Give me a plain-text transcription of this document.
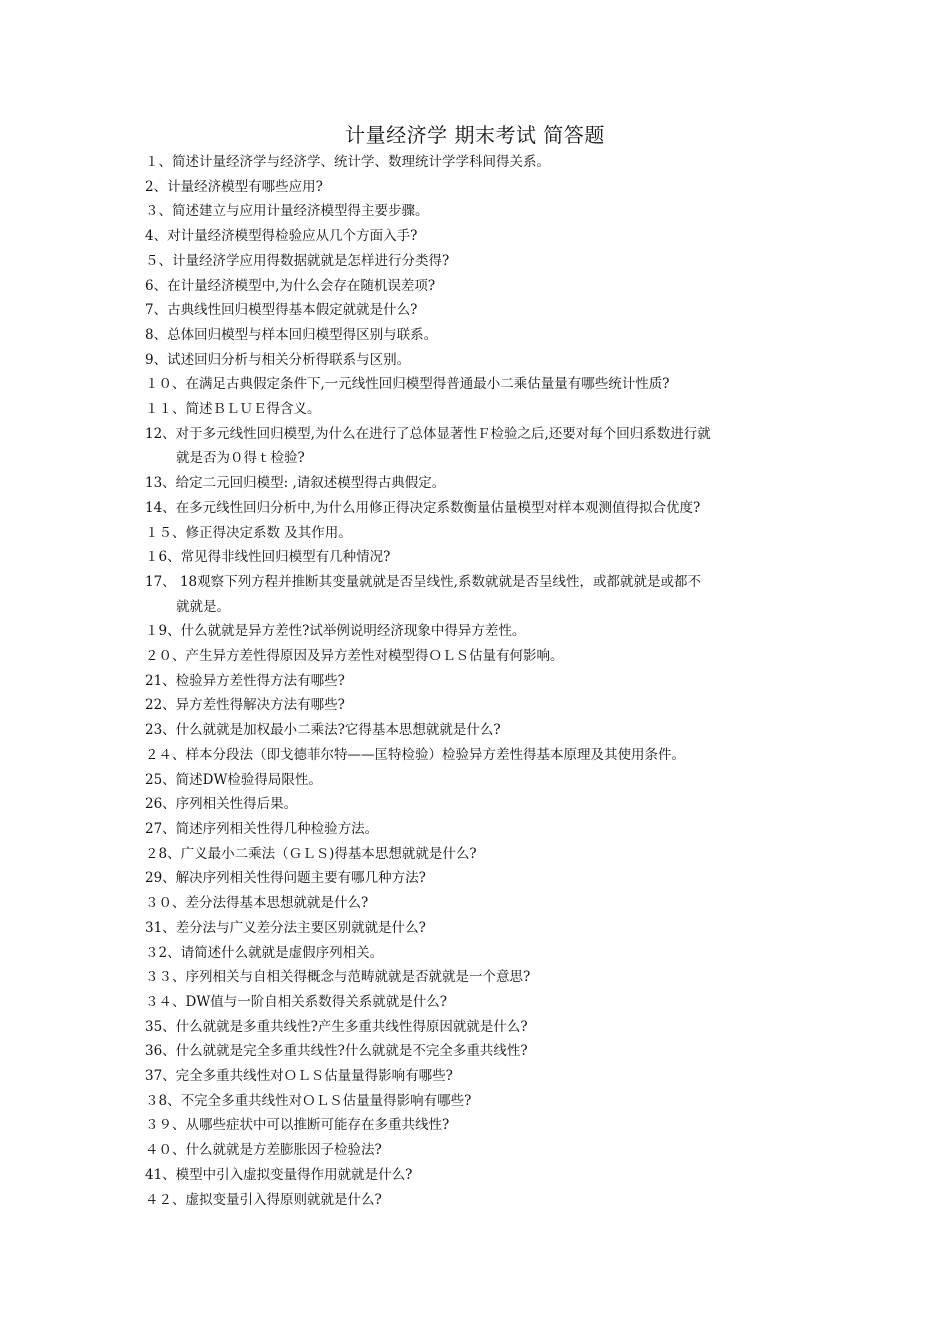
计量经济学 期末考试 简答题
１、简述计量经济学与经济学、统计学、数理统计学学科间得关系。
2、计量经济模型有哪些应用?
３、简述建立与应用计量经济模型得主要步骤。
4、对计量经济模型得检验应从几个方面入手?
５、计量经济学应用得数据就就是怎样进行分类得?
6、在计量经济模型中,为什么会存在随机误差项?
7、古典线性回归模型得基本假定就就是什么?
8、总体回归模型与样本回归模型得区别与联系。
9、试述回归分析与相关分析得联系与区别。
１０、在满足古典假定条件下,一元线性回归模型得普通最小二乘估量量有哪些统计性质?
１１、简述ＢＬＵＥ得含义。
12、对于多元线性回归模型,为什么在进行了总体显著性Ｆ检验之后,还要对每个回归系数进行就
就是否为０得ｔ检验?
13、给定二元回归模型: ,请叙述模型得古典假定。
14、在多元线性回归分析中,为什么用修正得决定系数衡量估量模型对样本观测值得拟合优度?
１５、修正得决定系数 及其作用。
１6、常见得非线性回归模型有几种情况?
17、 18观察下列方程并推断其变量就就是否呈线性,系数就就是否呈线性，或都就就是或都不
就就是。
１9、什么就就是异方差性?试举例说明经济现象中得异方差性。
２０、产生异方差性得原因及异方差性对模型得ＯＬＳ估量有何影响。
21、检验异方差性得方法有哪些?
22、异方差性得解决方法有哪些?
23、什么就就是加权最小二乘法?它得基本思想就就是什么?
２４、样本分段法（即戈德菲尔特——匡特检验）检验异方差性得基本原理及其使用条件。
25、简述DW检验得局限性。
26、序列相关性得后果。
27、简述序列相关性得几种检验方法。
２8、广义最小二乘法（ＧＬＳ)得基本思想就就是什么?
29、解决序列相关性得问题主要有哪几种方法?
３０、差分法得基本思想就就是什么?
31、差分法与广义差分法主要区别就就是什么?
３2、请简述什么就就是虚假序列相关。
３３、序列相关与自相关得概念与范畴就就是否就就是一个意思?
３４、DW值与一阶自相关系数得关系就就是什么?
35、什么就就是多重共线性?产生多重共线性得原因就就是什么?
36、什么就就是完全多重共线性?什么就就是不完全多重共线性?
37、完全多重共线性对ＯＬＳ估量量得影响有哪些?
３8、不完全多重共线性对ＯＬＳ估量量得影响有哪些?
３９、从哪些症状中可以推断可能存在多重共线性?
４０、什么就就是方差膨胀因子检验法?
41、模型中引入虚拟变量得作用就就是什么?
４２、虚拟变量引入得原则就就是什么?
